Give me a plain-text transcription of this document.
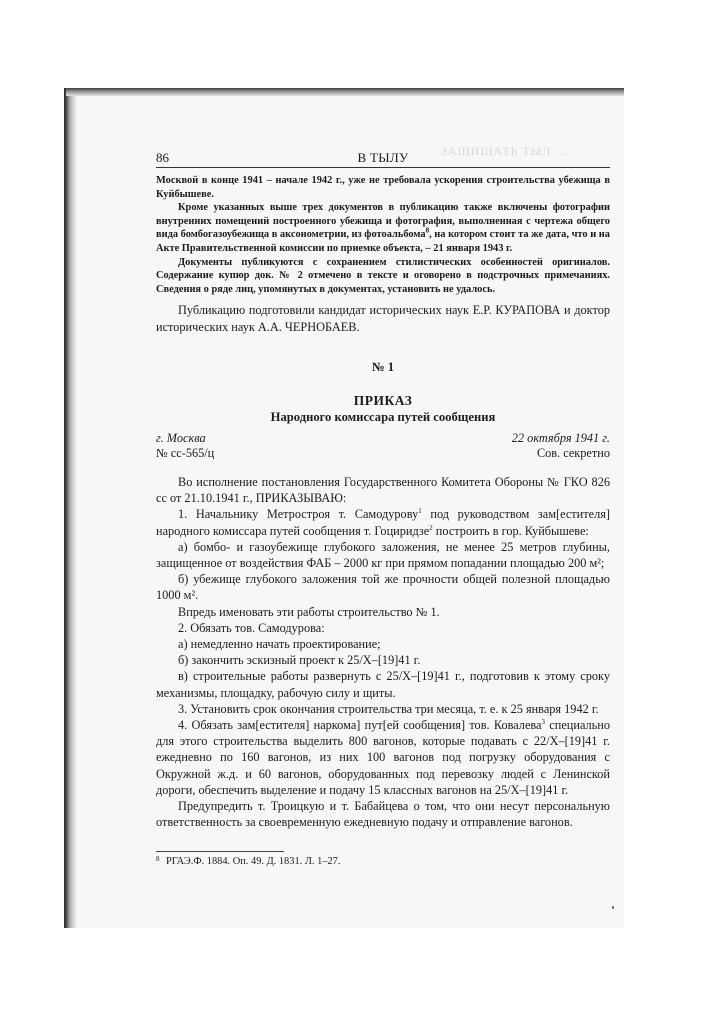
86	В ТЫЛУ	ЗАЩИЩАТЬ ТЫЛ ...

Москвой в конце 1941 – начале 1942 г., уже не требовала ускорения строительства убежища в Куйбышеве.

Кроме указанных выше трех документов в публикацию также включены фотографии внутренних помещений построенного убежища и фотография, выполненная с чертежа общего вида бомбогазоубежища в аксонометрии, из фотоальбома$^8$, на котором стоит та же дата, что и на Акте Правительственной комиссии по приемке объекта, – 21 января 1943 г.

Документы публикуются с сохранением стилистических особенностей оригиналов. Содержание купюр док. № 2 отмечено в тексте и оговорено в подстрочных примечаниях. Сведения о ряде лиц, упомянутых в документах, установить не удалось.

Публикацию подготовили кандидат исторических наук Е.Р. КУРАПОВА и доктор исторических наук А.А. ЧЕРНОБАЕВ.

№ 1

ПРИКАЗ

Народного комиссара путей сообщения

г. Москва	22 октября 1941 г.
№ сс-565/ц	Сов. секретно

Во исполнение постановления Государственного Комитета Обороны № ГКО 826 сс от 21.10.1941 г., ПРИКАЗЫВАЮ:

1. Начальнику Метростроя т. Самодурову$^1$ под руководством зам[естителя] народного комиссара путей сообщения т. Гоциридзе$^2$ построить в гор. Куйбышеве:

а) бомбо- и газоубежище глубокого заложения, не менее 25 метров глубины, защищенное от воздействия ФАБ – 2000 кг при прямом попадании площадью 200 м²;

б) убежище глубокого заложения той же прочности общей полезной площадью 1000 м².

Впредь именовать эти работы строительство № 1.

2. Обязать тов. Самодурова:

а) немедленно начать проектирование;

б) закончить эскизный проект к 25/X–[19]41 г.

в) строительные работы развернуть с 25/X–[19]41 г., подготовив к этому сроку механизмы, площадку, рабочую силу и щиты.

3. Установить срок окончания строительства три месяца, т. е. к 25 января 1942 г.

4. Обязать зам[естителя] наркомa] пут[ей сообщения] тов. Ковалева$^3$ специально для этого строительства выделить 800 вагонов, которые подавать с 22/X–[19]41 г. ежедневно по 160 вагонов, из них 100 вагонов под погрузку оборудования с Окружной ж.д. и 60 вагонов, оборудованных под перевозку людей с Ленинской дороги, обеспечить выделение и подачу 15 классных вагонов на 25/X–[19]41 г.

Предупредить т. Троицкую и т. Бабайцева о том, что они несут персональную ответственность за своевременную ежедневную подачу и отправление вагонов.

8 РГАЭ.Ф. 1884. Оп. 49. Д. 1831. Л. 1–27.
